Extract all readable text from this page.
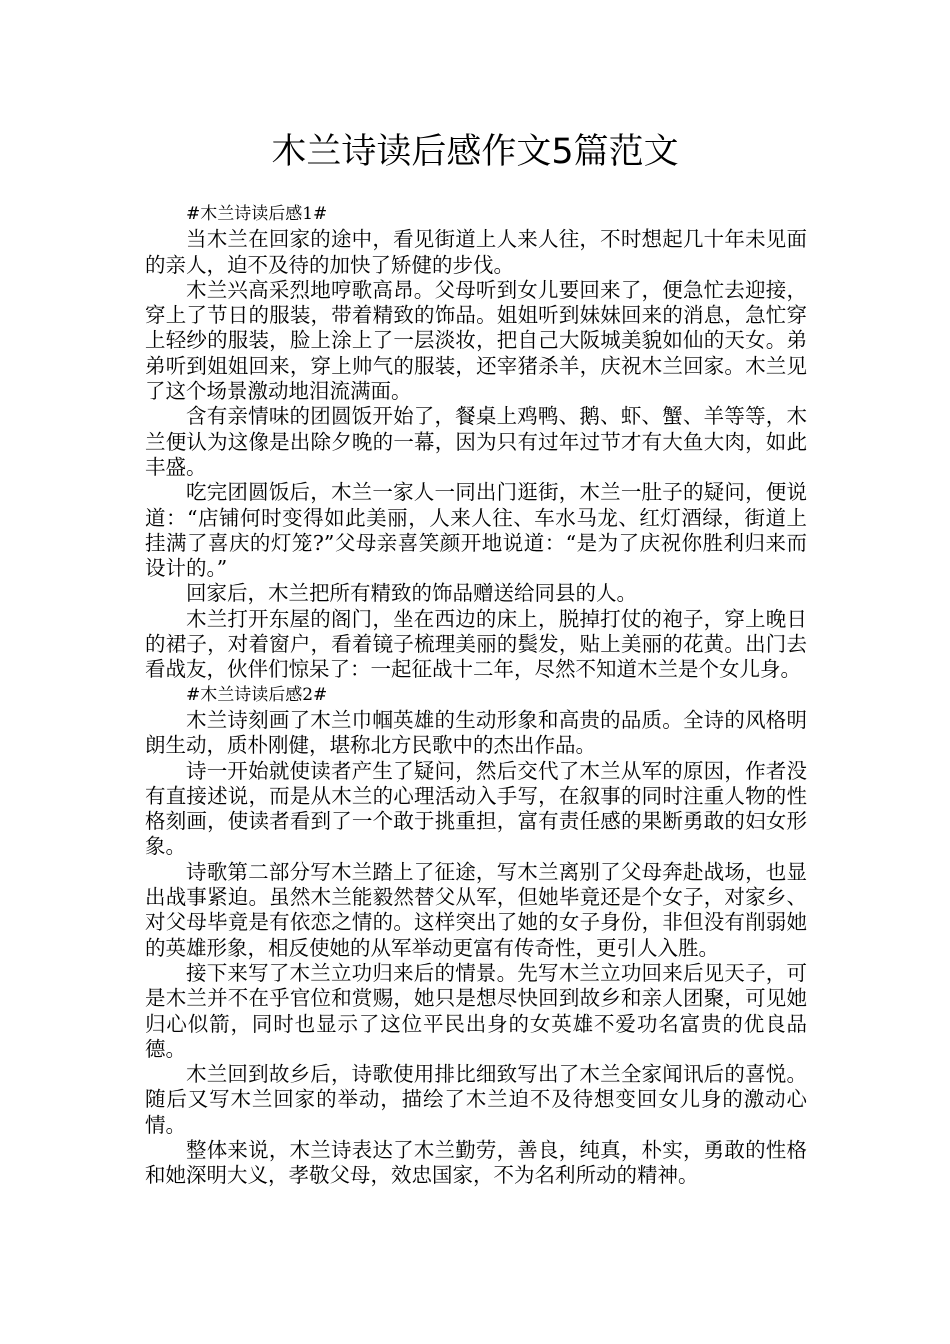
木兰诗读后感作文5篇范文

#木兰诗读后感1#

当木兰在回家的途中，看见街道上人来人往，不时想起几十年未见面的亲人，迫不及待的加快了矫健的步伐。

木兰兴高采烈地哼歌高昂。父母听到女儿要回来了，便急忙去迎接，穿上了节日的服装，带着精致的饰品。姐姐听到妹妹回来的消息，急忙穿上轻纱的服装，脸上涂上了一层淡妆，把自己大阪城美貌如仙的天女。弟弟听到姐姐回来，穿上帅气的服装，还宰猪杀羊，庆祝木兰回家。木兰见了这个场景激动地泪流满面。

含有亲情味的团圆饭开始了，餐桌上鸡鸭、鹅、虾、蟹、羊等等，木兰便认为这像是出除夕晚的一幕，因为只有过年过节才有大鱼大肉，如此丰盛。

吃完团圆饭后，木兰一家人一同出门逛街，木兰一肚子的疑问，便说道：“店铺何时变得如此美丽，人来人往、车水马龙、红灯酒绿，街道上挂满了喜庆的灯笼?”父母亲喜笑颜开地说道：“是为了庆祝你胜利归来而设计的。”

回家后，木兰把所有精致的饰品赠送给同县的人。

木兰打开东屋的阁门，坐在西边的床上，脱掉打仗的袍子，穿上晚日的裙子，对着窗户，看着镜子梳理美丽的鬓发，贴上美丽的花黄。出门去看战友，伙伴们惊呆了：一起征战十二年，尽然不知道木兰是个女儿身。

#木兰诗读后感2#

木兰诗刻画了木兰巾帼英雄的生动形象和高贵的品质。全诗的风格明朗生动，质朴刚健，堪称北方民歌中的杰出作品。

诗一开始就使读者产生了疑问，然后交代了木兰从军的原因，作者没有直接述说，而是从木兰的心理活动入手写，在叙事的同时注重人物的性格刻画，使读者看到了一个敢于挑重担，富有责任感的果断勇敢的妇女形象。

诗歌第二部分写木兰踏上了征途，写木兰离别了父母奔赴战场，也显出战事紧迫。虽然木兰能毅然替父从军，但她毕竟还是个女子，对家乡、对父母毕竟是有依恋之情的。这样突出了她的女子身份，非但没有削弱她的英雄形象，相反使她的从军举动更富有传奇性，更引人入胜。

接下来写了木兰立功归来后的情景。先写木兰立功回来后见天子，可是木兰并不在乎官位和赏赐，她只是想尽快回到故乡和亲人团聚，可见她归心似箭，同时也显示了这位平民出身的女英雄不爱功名富贵的优良品德。

木兰回到故乡后，诗歌使用排比细致写出了木兰全家闻讯后的喜悦。随后又写木兰回家的举动，描绘了木兰迫不及待想变回女儿身的激动心情。

整体来说，木兰诗表达了木兰勤劳，善良，纯真，朴实，勇敢的性格和她深明大义，孝敬父母，效忠国家，不为名利所动的精神。
